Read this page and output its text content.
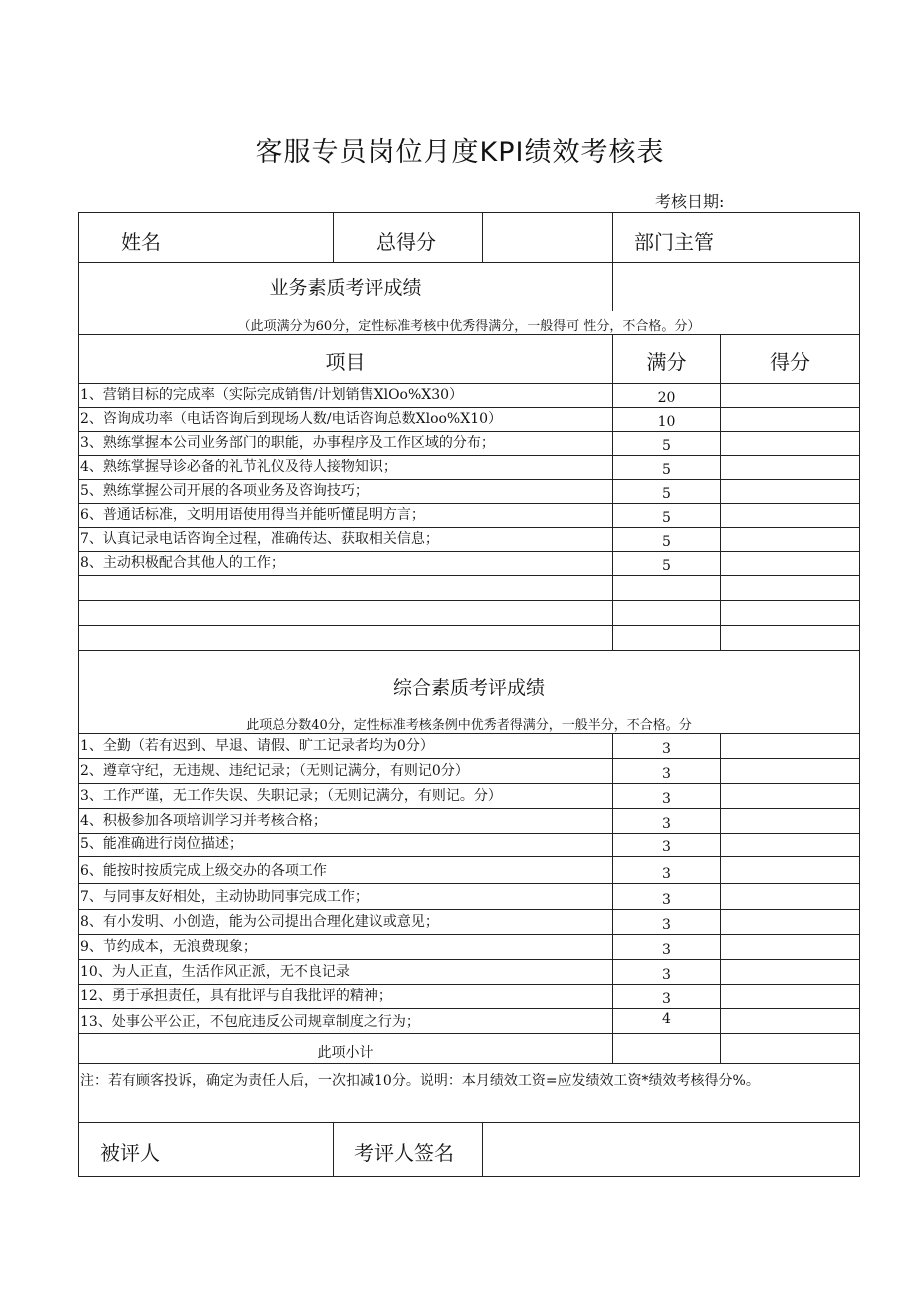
客服专员岗位月度KPI绩效考核表
考核日期:
姓名	总得分	部门主管
业务素质考评成绩
（此项满分为60分，定性标准考核中优秀得满分，一般得可 性分，不合格。分）
项目	满分	得分
1、营销目标的完成率（实际完成销售/计划销售XlOo%X30）	20
2、咨询成功率（电话咨询后到现场人数/电话咨询总数Xloo%X10）	10
3、熟练掌握本公司业务部门的职能，办事程序及工作区域的分布；	5
4、熟练掌握导诊必备的礼节礼仪及待人接物知识；	5
5、熟练掌握公司开展的各项业务及咨询技巧；	5
6、普通话标准，文明用语使用得当并能听懂昆明方言；	5
7、认真记录电话咨询全过程，准确传达、获取相关信息；	5
8、主动积极配合其他人的工作；	5
综合素质考评成绩
此项总分数40分，定性标准考核条例中优秀者得满分，一般半分，不合格。分
1、全勤（若有迟到、早退、请假、旷工记录者均为0分）	3
2、遵章守纪，无违规、违纪记录；（无则记满分，有则记0分）	3
3、工作严谨，无工作失误、失职记录；（无则记满分，有则记。分）	3
4、积极参加各项培训学习并考核合格；	3
5、能准确进行岗位描述；	3
6、能按时按质完成上级交办的各项工作	3
7、与同事友好相处，主动协助同事完成工作；	3
8、有小发明、小创造，能为公司提出合理化建议或意见；	3
9、节约成本，无浪费现象；	3
10、为人正直，生活作风正派，无不良记录	3
12、勇于承担责任，具有批评与自我批评的精神；	3
13、处事公平公正，不包庇违反公司规章制度之行为；	4
此项小计
注：若有顾客投诉，确定为责任人后，一次扣减10分。说明：本月绩效工资=应发绩效工资*绩效考核得分%。
被评人	考评人签名
